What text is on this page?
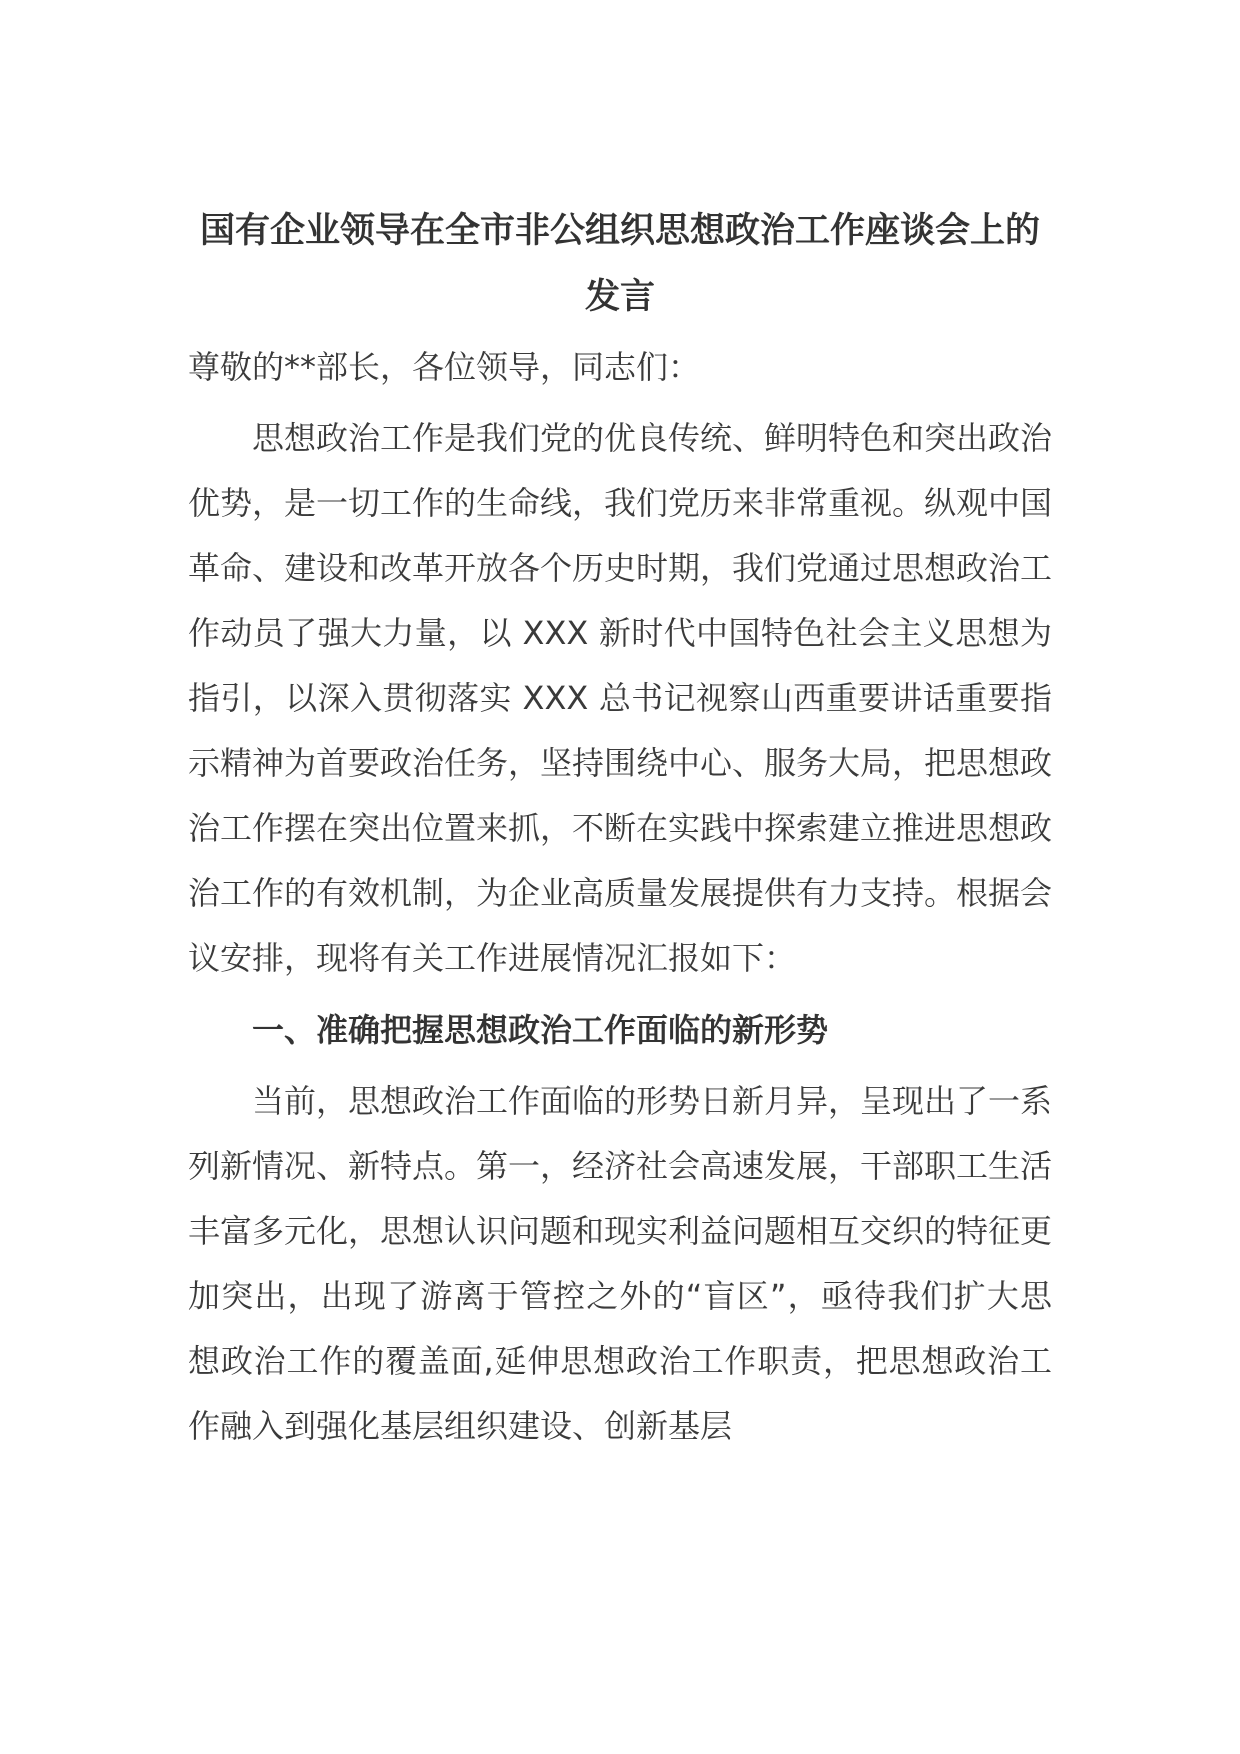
国有企业领导在全市非公组织思想政治工作座谈会上的发言

尊敬的**部长，各位领导，同志们：

思想政治工作是我们党的优良传统、鲜明特色和突出政治优势，是一切工作的生命线，我们党历来非常重视。纵观中国革命、建设和改革开放各个历史时期，我们党通过思想政治工作动员了强大力量，以 XXX 新时代中国特色社会主义思想为指引，以深入贯彻落实 XXX 总书记视察山西重要讲话重要指示精神为首要政治任务，坚持围绕中心、服务大局，把思想政治工作摆在突出位置来抓，不断在实践中探索建立推进思想政治工作的有效机制，为企业高质量发展提供有力支持。根据会议安排，现将有关工作进展情况汇报如下：

一、准确把握思想政治工作面临的新形势

当前，思想政治工作面临的形势日新月异，呈现出了一系列新情况、新特点。第一，经济社会高速发展，干部职工生活丰富多元化，思想认识问题和现实利益问题相互交织的特征更加突出，出现了游离于管控之外的“盲区”，亟待我们扩大思想政治工作的覆盖面,延伸思想政治工作职责，把思想政治工作融入到强化基层组织建设、创新基层
